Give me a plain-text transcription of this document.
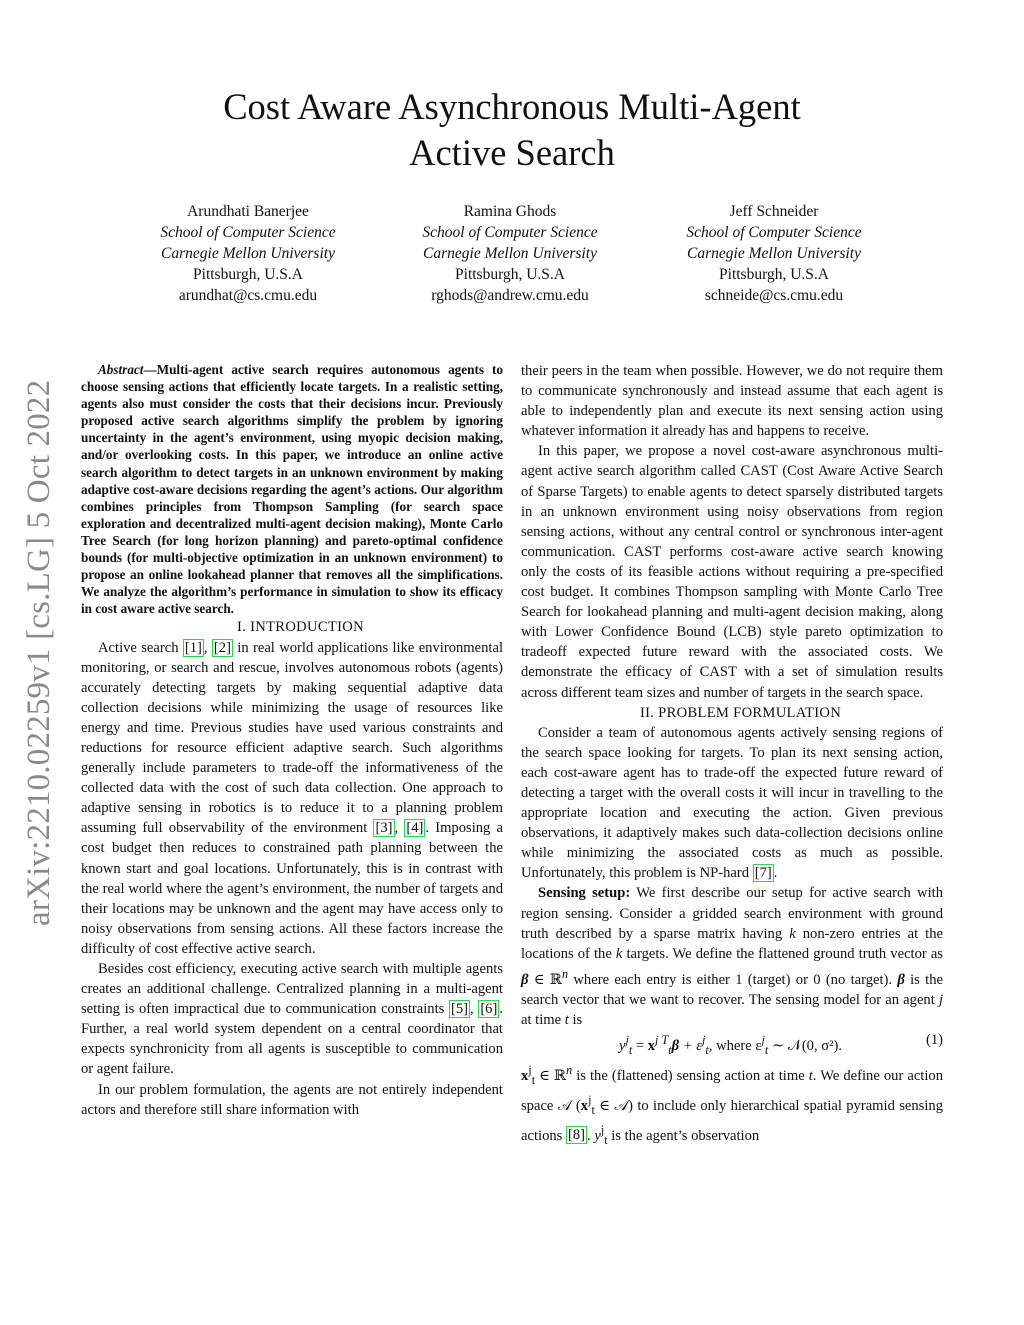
Cost Aware Asynchronous Multi-Agent
Active Search
Arundhati Banerjee
School of Computer Science
Carnegie Mellon University
Pittsburgh, U.S.A
arundhat@cs.cmu.edu
Ramina Ghods
School of Computer Science
Carnegie Mellon University
Pittsburgh, U.S.A
rghods@andrew.cmu.edu
Jeff Schneider
School of Computer Science
Carnegie Mellon University
Pittsburgh, U.S.A
schneide@cs.cmu.edu
arXiv:2210.02259v1 [cs.LG] 5 Oct 2022

Abstract—Multi-agent active search requires autonomous agents to choose sensing actions that efficiently locate targets. In a realistic setting, agents also must consider the costs that their decisions incur. Previously proposed active search algorithms simplify the problem by ignoring uncertainty in the agent’s environment, using myopic decision making, and/or overlooking costs. In this paper, we introduce an online active search algorithm to detect targets in an unknown environment by making adaptive cost-aware decisions regarding the agent’s actions. Our algorithm combines principles from Thompson Sampling (for search space exploration and decentralized multi-agent decision making), Monte Carlo Tree Search (for long horizon planning) and pareto-optimal confidence bounds (for multi-objective optimization in an unknown environment) to propose an online lookahead planner that removes all the simplifications. We analyze the algorithm’s performance in simulation to show its efficacy in cost aware active search.

I. INTRODUCTION

Active search [1] , [2] in real world applications like environmental monitoring, or search and rescue, involves autonomous robots (agents) accurately detecting targets by making sequential adaptive data collection decisions while minimizing the usage of resources like energy and time. Previous studies have used various constraints and reductions for resource efficient adaptive search. Such algorithms generally include parameters to trade-off the informativeness of the collected data with the cost of such data collection. One approach to adaptive sensing in robotics is to reduce it to a planning problem assuming full observability of the environment [3] , [4] . Imposing a cost budget then reduces to constrained path planning between the known start and goal locations. Unfortunately, this is in contrast with the real world where the agent’s environment, the number of targets and their locations may be unknown and the agent may have access only to noisy observations from sensing actions. All these factors increase the difficulty of cost effective active search.

Besides cost efficiency, executing active search with multiple agents creates an additional challenge. Centralized planning in a multi-agent setting is often impractical due to communication constraints [5] , [6] . Further, a real world system dependent on a central coordinator that expects synchronicity from all agents is susceptible to communication or agent failure.

In our problem formulation, the agents are not entirely independent actors and therefore still share information with

their peers in the team when possible. However, we do not require them to communicate synchronously and instead assume that each agent is able to independently plan and execute its next sensing action using whatever information it already has and happens to receive.

In this paper, we propose a novel cost-aware asynchronous multi-agent active search algorithm called CAST (Cost Aware Active Search of Sparse Targets) to enable agents to detect sparsely distributed targets in an unknown environment using noisy observations from region sensing actions, without any central control or synchronous inter-agent communication. CAST performs cost-aware active search knowing only the costs of its feasible actions without requiring a pre-specified cost budget. It combines Thompson sampling with Monte Carlo Tree Search for lookahead planning and multi-agent decision making, along with Lower Confidence Bound (LCB) style pareto optimization to tradeoff expected future reward with the associated costs. We demonstrate the efficacy of CAST with a set of simulation results across different team sizes and number of targets in the search space.

II. PROBLEM FORMULATION

Consider a team of autonomous agents actively sensing regions of the search space looking for targets. To plan its next sensing action, each cost-aware agent has to trade-off the expected future reward of detecting a target with the overall costs it will incur in travelling to the appropriate location and executing the action. Given previous observations, it adaptively makes such data-collection decisions online while minimizing the associated costs as much as possible. Unfortunately, this problem is NP-hard [7] .

Sensing setup: We first describe our setup for active search with region sensing. Consider a gridded search environment with ground truth described by a sparse matrix having k non-zero entries at the locations of the k targets. We define the flattened ground truth vector as β ∈ ℝ$^n$ where each entry is either 1 (target) or 0 (no target). β is the search vector that we want to recover. The sensing model for an agent j at time t is

$y^j_t = x^{j T}_t\beta + \varepsilon^j_t$, where $\varepsilon^j_t$ ∼ 𝒩(0, σ²).	(1)

$x^j_t$ ∈ ℝ$^n$ is the (flattened) sensing action at time t. We define our action space 𝒜 ($x^j_t$ ∈ 𝒜) to include only hierarchical spatial pyramid sensing actions [8] . $y^j_t$ is the agent’s observation
